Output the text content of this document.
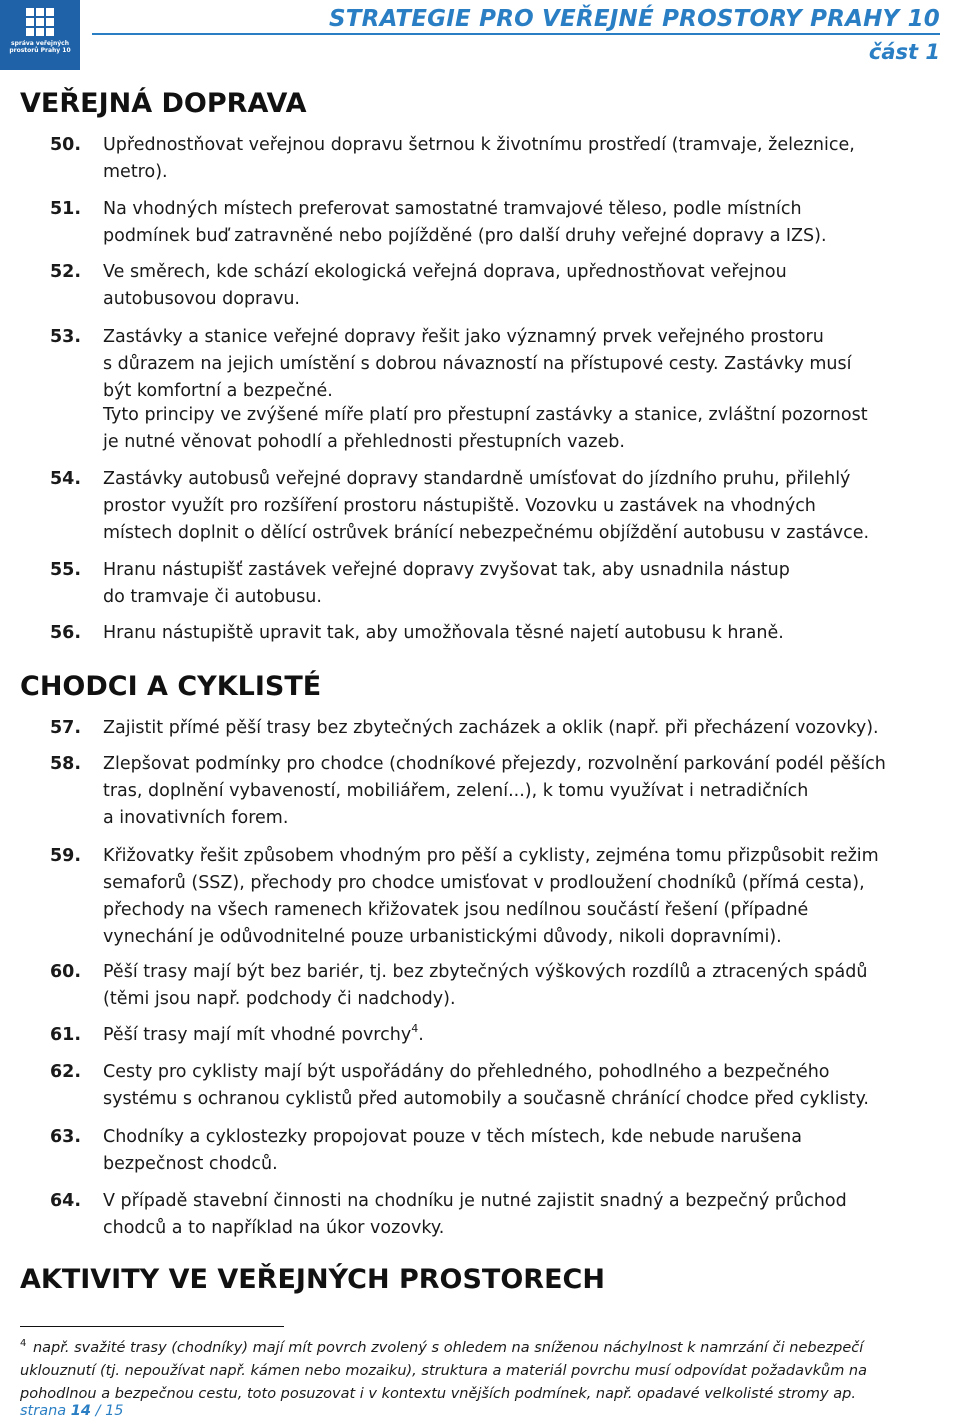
správa veřejných prostorů Prahy 10
STRATEGIE PRO VEŘEJNÉ PROSTORY PRAHY 10
část 1
VEŘEJNÁ DOPRAVA
50. Upřednostňovat veřejnou dopravu šetrnou k životnímu prostředí (tramvaje, železnice,
metro).
51. Na vhodných místech preferovat samostatné tramvajové těleso, podle místních
podmínek buď zatravněné nebo pojížděné (pro další druhy veřejné dopravy a IZS).
52. Ve směrech, kde schází ekologická veřejná doprava, upřednostňovat veřejnou
autobusovou dopravu.
53. Zastávky a stanice veřejné dopravy řešit jako významný prvek veřejného prostoru
s důrazem na jejich umístění s dobrou návazností na přístupové cesty. Zastávky musí
být komfortní a bezpečné.
Tyto principy ve zvýšené míře platí pro přestupní zastávky a stanice, zvláštní pozornost
je nutné věnovat pohodlí a přehlednosti přestupních vazeb.
54. Zastávky autobusů veřejné dopravy standardně umísťovat do jízdního pruhu, přilehlý
prostor využít pro rozšíření prostoru nástupiště. Vozovku u zastávek na vhodných
místech doplnit o dělící ostrůvek bránící nebezpečnému objíždění autobusu v zastávce.
55. Hranu nástupišť zastávek veřejné dopravy zvyšovat tak, aby usnadnila nástup
do tramvaje či autobusu.
56. Hranu nástupiště upravit tak, aby umožňovala těsné najetí autobusu k hraně.
CHODCI A CYKLISTÉ
57. Zajistit přímé pěší trasy bez zbytečných zacházek a oklik (např. při přecházení vozovky).
58. Zlepšovat podmínky pro chodce (chodníkové přejezdy, rozvolnění parkování podél pěších
tras, doplnění vybaveností, mobiliářem, zelení...), k tomu využívat i netradičních
a inovativních forem.
59. Křižovatky řešit způsobem vhodným pro pěší a cyklisty, zejména tomu přizpůsobit režim
semaforů (SSZ), přechody pro chodce umisťovat v prodloužení chodníků (přímá cesta),
přechody na všech ramenech křižovatek jsou nedílnou součástí řešení (případné
vynechání je odůvodnitelné pouze urbanistickými důvody, nikoli dopravními).
60. Pěší trasy mají být bez bariér, tj. bez zbytečných výškových rozdílů a ztracených spádů
(těmi jsou např. podchody či nadchody).
61. Pěší trasy mají mít vhodné povrchy$^4$.
62. Cesty pro cyklisty mají být uspořádány do přehledného, pohodlného a bezpečného
systému s ochranou cyklistů před automobily a současně chránící chodce před cyklisty.
63. Chodníky a cyklostezky propojovat pouze v těch místech, kde nebude narušena
bezpečnost chodců.
64. V případě stavební činnosti na chodníku je nutné zajistit snadný a bezpečný průchod
chodců a to například na úkor vozovky.
AKTIVITY VE VEŘEJNÝCH PROSTORECH
$^4$ např. svažité trasy (chodníky) mají mít povrch zvolený s ohledem na sníženou náchylnost k namrzání či nebezpečí
uklouznutí (tj. nepoužívat např. kámen nebo mozaiku), struktura a materiál povrchu musí odpovídat požadavkům na
pohodlnou a bezpečnou cestu, toto posuzovat i v kontextu vnějších podmínek, např. opadavé velkolisté stromy ap.
strana 14 / 15
